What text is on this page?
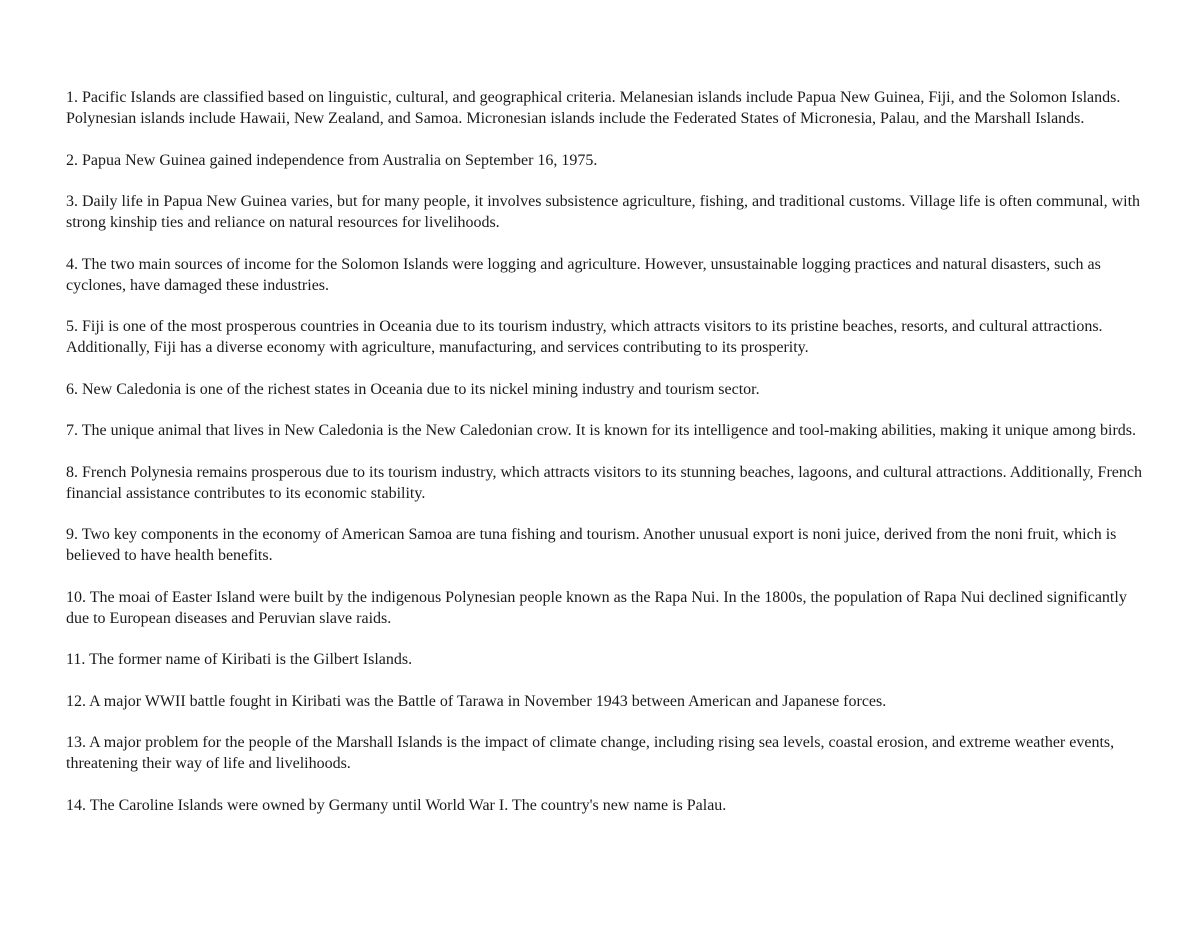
1. Pacific Islands are classified based on linguistic, cultural, and geographical criteria. Melanesian islands include Papua New Guinea, Fiji, and the Solomon Islands. Polynesian islands include Hawaii, New Zealand, and Samoa. Micronesian islands include the Federated States of Micronesia, Palau, and the Marshall Islands.

2. Papua New Guinea gained independence from Australia on September 16, 1975.

3. Daily life in Papua New Guinea varies, but for many people, it involves subsistence agriculture, fishing, and traditional customs. Village life is often communal, with strong kinship ties and reliance on natural resources for livelihoods.

4. The two main sources of income for the Solomon Islands were logging and agriculture. However, unsustainable logging practices and natural disasters, such as cyclones, have damaged these industries.

5. Fiji is one of the most prosperous countries in Oceania due to its tourism industry, which attracts visitors to its pristine beaches, resorts, and cultural attractions. Additionally, Fiji has a diverse economy with agriculture, manufacturing, and services contributing to its prosperity.

6. New Caledonia is one of the richest states in Oceania due to its nickel mining industry and tourism sector.

7. The unique animal that lives in New Caledonia is the New Caledonian crow. It is known for its intelligence and tool-making abilities, making it unique among birds.

8. French Polynesia remains prosperous due to its tourism industry, which attracts visitors to its stunning beaches, lagoons, and cultural attractions. Additionally, French financial assistance contributes to its economic stability.

9. Two key components in the economy of American Samoa are tuna fishing and tourism. Another unusual export is noni juice, derived from the noni fruit, which is believed to have health benefits.

10. The moai of Easter Island were built by the indigenous Polynesian people known as the Rapa Nui. In the 1800s, the population of Rapa Nui declined significantly due to European diseases and Peruvian slave raids.

11. The former name of Kiribati is the Gilbert Islands.

12. A major WWII battle fought in Kiribati was the Battle of Tarawa in November 1943 between American and Japanese forces.

13. A major problem for the people of the Marshall Islands is the impact of climate change, including rising sea levels, coastal erosion, and extreme weather events, threatening their way of life and livelihoods.

14. The Caroline Islands were owned by Germany until World War I. The country's new name is Palau.
